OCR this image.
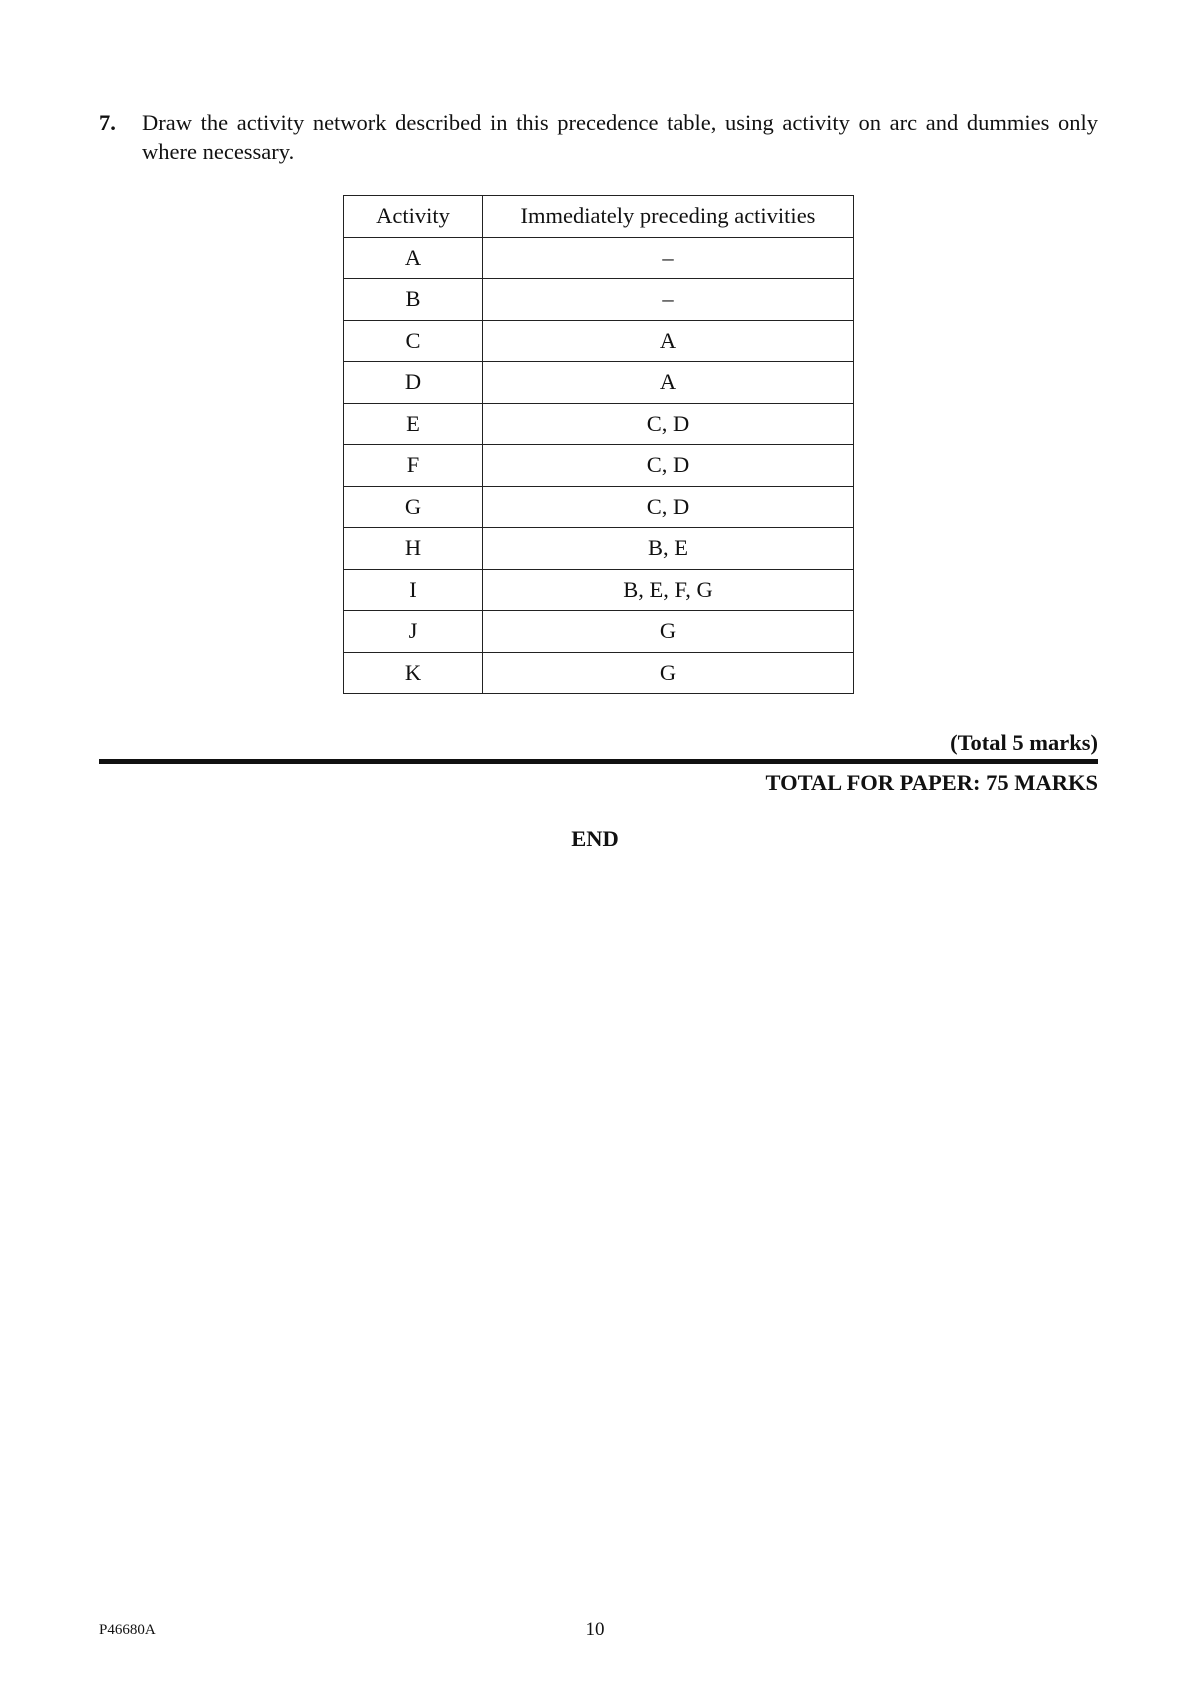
7. Draw the activity network described in this precedence table, using activity on arc and dummies only where necessary.
Activity	Immediately preceding activities
A	–
B	–
C	A
D	A
E	C, D
F	C, D
G	C, D
H	B, E
I	B, E, F, G
J	G
K	G
(Total 5 marks)
TOTAL FOR PAPER: 75 MARKS
END
P46680A	10
